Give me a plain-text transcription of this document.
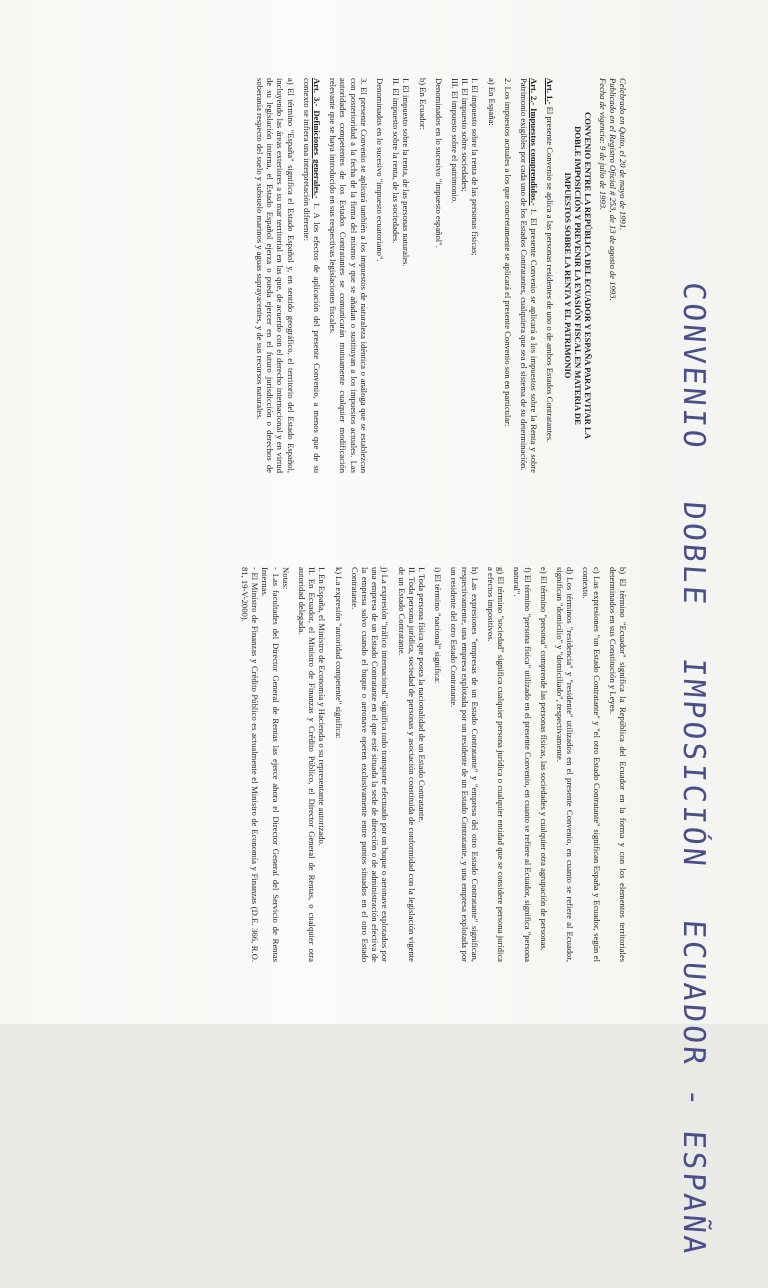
CONVENIO DOBLE IMPOSICIÓN ECUADOR - ESPAÑA

Celebrado en Quito, el 20 de mayo de 1991.

Publicado en el Registro Oficial # 253, de 13 de agosto de 1993.

Fecha de vigencia: 9 de julio de 1993.

CONVENIO ENTRE LA REPÚBLICA DEL ECUADOR Y ESPAÑA PARA EVITAR LA DOBLE IMPOSICIÓN Y PREVENIR LA EVASIÓN FISCAL EN MATERIA DE IMPUESTOS SOBRE LA RENTA Y EL PATRIMONIO

Art. 1.- El presente Convenio se aplica a las personas residentes de uno o de ambos Estados Contratantes.

Art. 2.- Impuestos comprendidos.- 1. El presente Convenio se aplicará a los impuestos sobre la Renta y sobre Patrimonio exigibles por cada uno de los Estados Contratantes, cualquiera que sea el sistema de su determinación.

2. Los impuestos actuales a los que concretamente se aplicará el presente Convenio son en particular:

a) En España:

I. El impuesto sobre la renta de las personas físicas;

II. El impuesto sobre sociedades;

III. El impuesto sobre el patrimonio.

Denominados en lo sucesivo "impuesto español".

b) En Ecuador:

I. El impuesto sobre la renta, de las personas naturales.

II. El impuesto sobre la renta, de las sociedades.

Denominados en lo sucesivo "impuesto ecuatoriano".

3. El presente Convenio se aplicará también a los impuestos de naturaleza idéntica o análoga que se establezcan con posterioridad a la fecha de la firma del mismo y que se añadan o sustituyan a los impuestos actuales. Las autoridades competentes de los Estados Contratantes se comunicarán mutuamente cualquier modificación relevante que se haya introducido en sus respectivas legislaciones fiscales.

Art. 3.- Definiciones generales.- 1. A los efectos de aplicación del presente Convenio, a menos que de su contexto se infiera una interpretación diferente:

a) El término "España" significa el Estado Español y, en sentido geográfico, el territorio del Estado Español, incluyendo las áreas exteriores a su mar territorial en las que, de acuerdo con el derecho internacional y en virtud de su legislación interna, el Estado Español ejerza o pueda ejercer en el futuro jurisdicción o derechos de soberanía respecto del suelo y subsuelo marinos y aguas suprayacentes, y de sus recursos naturales.

b) El término "Ecuador" significa la República del Ecuador en la forma y con los elementos territoriales determinados en sus Constitución y Leyes.

c) Las expresiones "un Estado Contratante" y "el otro Estado Contratante" significan España y Ecuador, según el contexto.

d) Los términos "residencia" y "residente" utilizados en el presente Convenio, en cuanto se refiere al Ecuador, significan "domicilio" y "domiciliado", respectivamente.

e) El término "persona" comprende las personas físicas, las sociedades y cualquier otra agrupación de personas.

f) El término "persona física" utilizado en el presente Convenio, en cuanto se refiere al Ecuador, significa "persona natural".

g) El término "sociedad" significa cualquier persona jurídica o cualquier entidad que se considere persona jurídica a efectos impositivos.

h) Las expresiones "empresas de un Estado Contratante" y "empresa del otro Estado Contratante" significan, respectivamente, una empresa explotada por un residente de un Estado Contratante, y una empresa explotada por un residente del otro Estado Contratante.

i) El término "nacional" significa:

I. Toda persona física que posea la nacionalidad de un Estado Contratante.

II. Toda persona jurídica, sociedad de personas y asociación constituida de conformidad con la legislación vigente de un Estado Contratante.

j) La expresión "tráfico internacional" significa todo transporte efectuado por un buque o aeronave explotados por una empresa de un Estado Contratante en el que esté situada la sede de dirección o de administración efectiva de la empresa salvo cuando el buque o aeronave operen exclusivamente entre puntos situados en el otro Estado Contratante.

k) La expresión "autoridad competente" significa:

I. En España, el Ministro de Economía y Hacienda o su representante autorizado.

II. En Ecuador, el Ministro de Finanzas y Crédito Público, el Director General de Rentas, o cualquier otra autoridad delegada.

Notas:

- Las facultades del Director General de Rentas las ejerce ahora el Director General del Servicio de Rentas Internas.

- El Ministro de Finanzas y Crédito Público es actualmente el Ministro de Economía y Finanzas (D.E. 366, R.O. 81, 19-V-2000).
